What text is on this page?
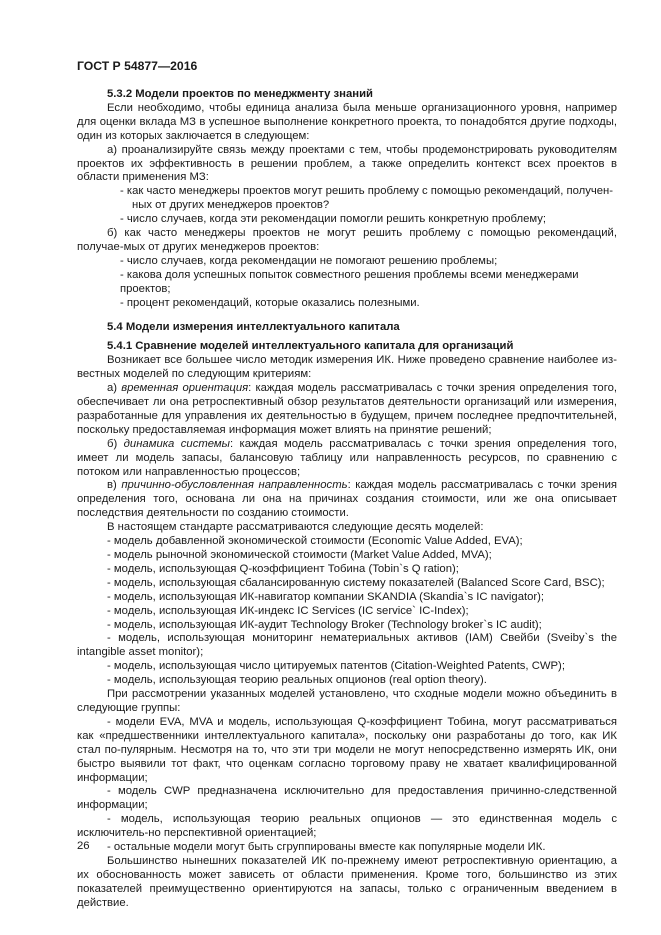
ГОСТ Р 54877—2016

5.3.2 Модели проектов по менеджменту знаний

Если необходимо, чтобы единица анализа была меньше организационного уровня, например для оценки вклада МЗ в успешное выполнение конкретного проекта, то понадобятся другие подходы, один из которых заключается в следующем:

а) проанализируйте связь между проектами с тем, чтобы продемонстрировать руководителям проектов их эффективность в решении проблем, а также определить контекст всех проектов в области применения МЗ:

- как часто менеджеры проектов могут решить проблему с помощью рекомендаций, получен-ных от других менеджеров проектов?

- число случаев, когда эти рекомендации помогли решить конкретную проблему;

б) как часто менеджеры проектов не могут решить проблему с помощью рекомендаций, получае-мых от других менеджеров проектов:

- число случаев, когда рекомендации не помогают решению проблемы;

- какова доля успешных попыток совместного решения проблемы всеми менеджерами проектов;

- процент рекомендаций, которые оказались полезными.

5.4 Модели измерения интеллектуального капитала

5.4.1 Сравнение моделей интеллектуального капитала для организаций

Возникает все большее число методик измерения ИК. Ниже проведено сравнение наиболее из-вестных моделей по следующим критериям:

а) временная ориентация: каждая модель рассматривалась с точки зрения определения того, обеспечивает ли она ретроспективный обзор результатов деятельности организаций или измерения, разработанные для управления их деятельностью в будущем, причем последнее предпочтительней, поскольку предоставляемая информация может влиять на принятие решений;

б) динамика системы: каждая модель рассматривалась с точки зрения определения того, имеет ли модель запасы, балансовую таблицу или направленность ресурсов, по сравнению с потоком или направленностью процессов;

в) причинно-обусловленная направленность: каждая модель рассматривалась с точки зрения определения того, основана ли она на причинах создания стоимости, или же она описывает последствия деятельности по созданию стоимости.

В настоящем стандарте рассматриваются следующие десять моделей:

- модель добавленной экономической стоимости (Economic Value Added, EVA);

- модель рыночной экономической стоимости (Market Value Added, MVA);

- модель, использующая Q-коэффициент Тобина (Tobin`s Q ration);

- модель, использующая сбалансированную систему показателей (Balanced Score Card, BSC);

- модель, использующая ИК-навигатор компании SKANDIA (Skandia`s IC navigator);

- модель, использующая ИК-индекс IC Services (IC service` IC-Index);

- модель, использующая ИК-аудит Technology Broker (Technology broker`s IC audit);

- модель, использующая мониторинг нематериальных активов (IAM) Свейби (Sveiby`s the intangible asset monitor);

- модель, использующая число цитируемых патентов (Citation-Weighted Patents, CWP);

- модель, использующая теорию реальных опционов (real option theory).

При рассмотрении указанных моделей установлено, что сходные модели можно объединить в следующие группы:

- модели EVA, MVA и модель, использующая Q-коэффициент Тобина, могут рассматриваться как «предшественники интеллектуального капитала», поскольку они разработаны до того, как ИК стал по-пулярным. Несмотря на то, что эти три модели не могут непосредственно измерять ИК, они быстро выявили тот факт, что оценкам согласно торговому праву не хватает квалифицированной информации;

- модель CWP предназначена исключительно для предоставления причинно-следственной информации;

- модель, использующая теорию реальных опционов — это единственная модель с исключитель-но перспективной ориентацией;

- остальные модели могут быть сгруппированы вместе как популярные модели ИК.

Большинство нынешних показателей ИК по-прежнему имеют ретроспективную ориентацию, а их обоснованность может зависеть от области применения. Кроме того, большинство из этих показателей преимущественно ориентируются на запасы, только с ограниченным введением в действие.

26
